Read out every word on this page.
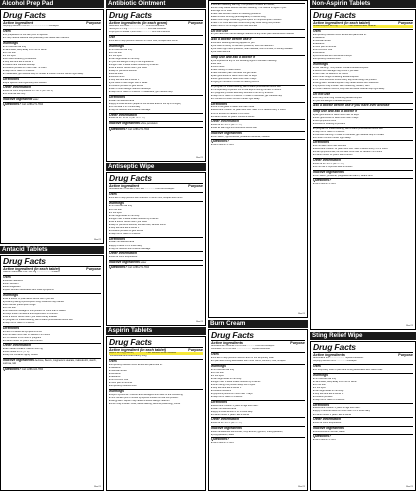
Alcohol Prep Pad
Drug Facts
Active ingredient	Purpose
Isopropyl Alcohol 70% v/v ............................ Antiseptic
Uses
■ for preparation of the skin prior to injection
■ to help reduce bacteria that potentially can cause skin infection
Warnings
■ For external use only
■ Flammable, keep away from fire or flame
■ Do not use
■ in the eyes
■ with electrocautery procedures
■ Stop use and ask a doctor if
■ irritation and redness develop
■ condition persists for more than 72 hours
■ Keep out of reach of children.
■ If swallowed, get medical help or contact a Poison Control Center right away.
Directions
■ wipe injection site vigorously and discard
Other information
■ store at room temperature 15°-30°C (59°-86°F)
■ for external use only
Inactive ingredient water
Questions? Call 1-888-271-7834
Rev.21
Antacid Tablets
Drug Facts
Active ingredient (in each tablet)	Purpose
Calcium carbonate USP 500 mg ...................... Antacid
Uses
■ relieves heartburn
■ sour stomach
■ acid indigestion
■ upset stomach associated with these symptoms
Warnings
■ Ask a doctor or pharmacist before use if you are
■ presently taking a prescription drug. Antacids may interact
■ with certain prescription drugs.
■ Do not use
■ the maximum dosage of this product for more than 2 weeks
■ except under the advice and supervision of a doctor.
■ Ask a doctor before use if you have kidney disease
■ If pregnant or breast-feeding, ask a health professional before use.
■ Keep out of reach of children.
Directions
■ chew 2-4 tablets as symptoms occur
■ do not take more than 15 tablets in 24 hours
■ or 10 tablets in 24 hours if pregnant
■ children under 12 years: ask a doctor
Other information
■ each tablet contains: calcium 200 mg
■ store below 25°C (77°F)
■ keep the container tightly closed
Inactive ingredients dextrose, flavors, magnesium stearate, maltodextrin, starch, sucrose, talc
Questions? Call 1-888-424-7650
Rev.21
Antibiotic Ointment
Drug Facts
Active ingredients (in each gram)	Purpose
Bacitracin 400 units ........................ First Aid Antibiotic
Neomycin 3.5 mg .............................. First Aid Antibiotic
Polymyxin B sulfate 5,000 units .............. First Aid Antibiotic
Use
■ first aid to help prevent infection in minor cuts, scrapes and burns
Warnings
■ For external use only.
■ Do not use
■ in the eyes
■ over large areas of the body
■ if you are allergic to any of the ingredients
■ longer than 1 week unless directed by a doctor
■ Ask a doctor before use if you have
■ deep or puncture wounds
■ animal bites
■ serious burns
■ Stop use and ask a doctor if
■ you need to use longer than 1 week
■ condition persists or gets worse
■ rash or other allergic reaction develops
■ Keep out of reach of children. If swallowed, get medical help.
Directions
■ clean the affected area
■ apply a small amount (equal to the surface area of the tip of a finger)
■ on the area 1 to 3 times daily
■ may be covered with a sterile bandage
Other information
■ store at 20° to 25°C (68° to 77°F)
Inactive ingredients white petrolatum
Questions? Call 1-888-271-7834
Rev.21
Antiseptic Wipe
Drug Facts
Active ingredient	Purpose
Benzalkonium Chloride 0.13% w/v ............... First Aid Antiseptic
Uses
■ first aid to help prevent skin infection in minor cuts, scrapes and burns
Warnings
■ For external use only
■ Do not use
■ in the eyes
■ over large areas of the body
■ longer than 1 week unless directed by a doctor
■ Ask a doctor before use if you have
■ deep or puncture wounds, animal bites, serious burns
■ Stop use and ask a doctor if
■ condition persists or gets worse
■ Keep out of reach of children.
Directions
■ clean the affected area
■ apply to area 1 to 3 times daily
■ may be covered with a sterile bandage
Other information
■ store at room temperature
Inactive ingredients water
Questions? Call 1-888-271-7834
Rev.21
Aspirin Tablets
Drug Facts
Active ingredient (in each tablet)	Purpose
Aspirin 325 mg (NSAID)* ................ Pain Reliever/Fever Reducer
*nonsteroidal anti-inflammatory drug
Uses
■ temporarily relieves minor aches and pains due to:
■ headache
■ muscular aches
■ toothache
■ backache
■ the common cold
■ minor pain of arthritis
■ temporarily reduces fever
Warnings
■ Reye's syndrome: Children and teenagers who have or are recovering
■ from chicken pox or flu-like symptoms should not use this product.
■ Allergy alert: Aspirin may cause a severe allergic reaction
■ which may include: hives, facial swelling, asthma (wheezing), shock
■ Stomach bleeding warning: This product contains an NSAID,
■ which may cause severe stomach bleeding. The chance is higher if you:
■ are age 60 or older
■ have had stomach ulcers or bleeding problems
■ take a blood thinning (anticoagulant) or steroid drug
■ take other drugs containing prescription or nonprescription NSAIDs
■ have 3 or more alcoholic drinks every day while using this product
■ take more or for a longer time than directed
Do not use
■ if you have ever had an allergic reaction to any other pain reliever/fever reducer
Ask a doctor before use if
■ stomach bleeding warning applies to you
■ you have a history of stomach problems, such as heartburn
■ you have high blood pressure, heart disease, liver cirrhosis, or kidney disease
■ you have asthma
Stop use and ask a doctor if
■ you experience any of the following signs of stomach bleeding:
■ feel faint
■ vomit blood
■ have bloody or black stools
■ have stomach pain that does not get better
■ pain gets worse or lasts more than 10 days
■ fever gets worse or lasts more than 3 days
■ ringing in the ears or a loss of hearing occurs
■ If pregnant or breast-feeding, ask a health professional before use.
■ It is especially important not to use aspirin during the last 3 months
■ of pregnancy unless definitely directed to do so by a doctor.
■ Keep out of reach of children. In case of overdose, get medical help
■ or contact a Poison Control Center right away.
Directions
■ drink a full glass of water with each dose
■ adults and children 12 years and over: take 1 to 2 tablets every 4 hours
■ not to exceed 12 tablets in 24 hours
■ children under 12 years: consult a doctor
Other information
■ store at 20°-25°C (68°-77°F)
■ read all warnings and directions before use
Inactive ingredients
■ corn starch, hypromellose, powdered cellulose, triacetin
Questions?
■ Call 1-888-271-7834
Rev.21
Burn Cream
Drug Facts
Active ingredients	Purpose
Benzalkonium chloride 0.13% w/w ............ First Aid Antiseptic
Lidocaine HCl 0.5% w/w ...................... Topical Anesthetic
Uses
■ first aid to help prevent infection and for the temporary relief
■ of pain and itching associated with minor burns, sunburn, cuts, scrapes
Warnings
■ For external use only
■ Do not use
■ in the eyes
■ over large areas of the body
■ longer than 1 week unless directed by a doctor
■ When using this product keep out of eyes
■ Stop use and ask a doctor if
■ condition worsens
■ symptoms persist for more than 7 days
■ Keep out of reach of children.
Directions
■ adults and children 2 years of age and older:
■ clean the affected area
■ apply a small amount 1 to 3 times daily
■ children under 2 years: ask a doctor
Other information
■ store at 20°-25°C (68°-77°F)
Inactive ingredients
■ aloe barbadensis leaf extract, cetyl alcohol, glycerin, methylparaben,
■ propylparaben, water
Questions?
■ Call 1-888-271-7834
Rev.21
Non-Aspirin Tablets
Drug Facts
Active ingredient (in each tablet)	Purpose
Acetaminophen 325 mg ............... Pain reliever/fever reducer
Uses
■ temporarily relieves minor aches and pains due to:
■ headache
■ muscular aches
■ backache
■ minor pain of arthritis
■ the common cold
■ toothache
■ premenstrual and menstrual cramps
■ temporarily reduces fever
Warnings
■ Liver warning: This product contains acetaminophen.
■ Severe liver damage may occur if you take
■ more than 12 tablets in 24 hours
■ with other drugs containing acetaminophen
■ 3 or more alcoholic drinks every day while using this product
■ Allergy alert: acetaminophen may cause severe skin reactions.
■ Symptoms may include: skin reddening, blisters, rash
■ If a skin reaction occurs, stop use and seek medical help right away.
Do not use
■ with any other drug containing acetaminophen
■ if you are allergic to acetaminophen
Ask a doctor before use if you have liver disease
Stop use and ask a doctor if
■ pain gets worse or lasts more than 10 days
■ fever gets worse or lasts more than 3 days
■ new symptoms occur
■ redness or swelling is present
■ If pregnant or breast-feeding, ask a health professional before use.
■ Keep out of reach of children.
■ Overdose warning: In case of overdose, get medical help or contact
■ a Poison Control Center right away.
Directions
■ do not take more than directed
■ adults and children 12 years and over: take 2 tablets every 4 to 6 hours
■ while symptoms last; do not take more than 12 tablets in 24 hours
■ children under 12 years: ask a doctor
Other information
■ store at 20°-25°C (68°-77°F)
■ do not use if imprinted seal is broken
Inactive ingredients
■ corn starch, povidone, pregelatinized starch, stearic acid
Questions?
■ Call 1-888-271-7834
Rev.21
Sting Relief Wipe
Drug Facts
Active ingredients	Purpose
Benzocaine 6% ...................... Topical Anesthetic
Isopropyl alcohol 60% ............... Antiseptic
Uses
■ for temporary relief of pain and itching associated with insect bites
Warnings
■ For external use only
■ Flammable, keep away from fire or flame
■ Do not use
■ in the eyes
■ over large areas of the body
■ Stop use and ask a doctor if
■ condition persists
■ Keep out of reach of children.
Directions
■ adults and children 2 years of age and older:
■ apply to affected area not more than 3 to 4 times daily
■ children under 2 years: ask a doctor
Other information
■ store at room temperature
Inactive ingredients
■ benzethonium chloride, water
Questions?
■ Call 1-888-271-7834
Rev.21
